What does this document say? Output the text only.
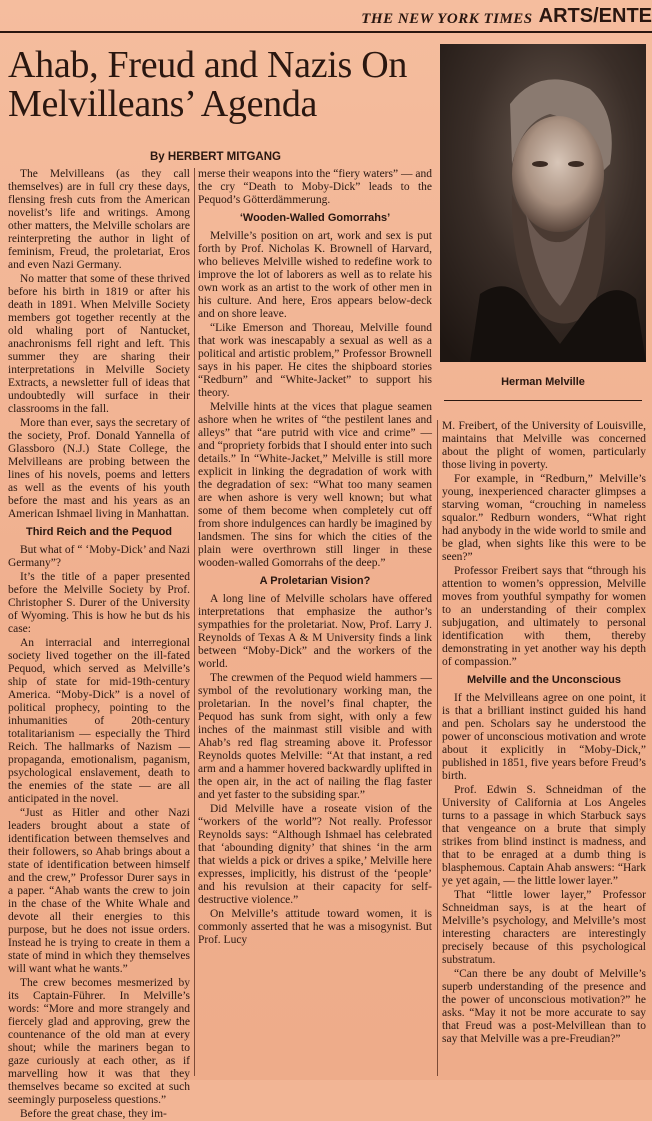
THE NEW YORK TIMES ARTS/ENTE
Ahab, Freud and Nazis On Melvilleans’ Agenda

By HERBERT MITGANG

Herman Melville

The Melvilleans (as they call themselves) are in full cry these days, flensing fresh cuts from the American novelist’s life and writings. Among other matters, the Melville scholars are reinterpreting the author in light of feminism, Freud, the proletariat, Eros and even Nazi Germany.

No matter that some of these thrived before his birth in 1819 or after his death in 1891. When Melville Society members got together recently at the old whaling port of Nantucket, anachronisms fell right and left. This summer they are sharing their interpretations in Melville Society Extracts, a newsletter full of ideas that undoubtedly will surface in their classrooms in the fall.

More than ever, says the secretary of the society, Prof. Donald Yannella of Glassboro (N.J.) State College, the Melvilleans are probing between the lines of his novels, poems and letters as well as the events of his youth before the mast and his years as an American Ishmael living in Manhattan.

Third Reich and the Pequod

But what of “ ‘Moby-Dick’ and Nazi Germany”?

It’s the title of a paper presented before the Melville Society by Prof. Christopher S. Durer of the University of Wyoming. This is how he but ds his case:

An interracial and interregional society lived together on the ill-fated Pequod, which served as Melville’s ship of state for mid-19th-century America. “Moby-Dick” is a novel of political prophecy, pointing to the inhumanities of 20th-century totalitarianism — especially the Third Reich. The hallmarks of Nazism — propaganda, emotionalism, paganism, psychological enslavement, death to the enemies of the state — are all anticipated in the novel.

“Just as Hitler and other Nazi leaders brought about a state of identification between themselves and their followers, so Ahab brings about a state of identification between himself and the crew,” Professor Durer says in a paper. “Ahab wants the crew to join in the chase of the White Whale and devote all their energies to this purpose, but he does not issue orders. Instead he is trying to create in them a state of mind in which they themselves will want what he wants.”

The crew becomes mesmerized by its Captain-Führer. In Melville’s words: “More and more strangely and fiercely glad and approving, grew the countenance of the old man at every shout; while the mariners began to gaze curiously at each other, as if marvelling how it was that they themselves became so excited at such seemingly purposeless questions.”

Before the great chase, they im-

merse their weapons into the “fiery waters” — and the cry “Death to Moby-Dick” leads to the Pequod’s Götterdämmerung.

‘Wooden-Walled Gomorrahs’

Melville’s position on art, work and sex is put forth by Prof. Nicholas K. Brownell of Harvard, who believes Melville wished to redefine work to improve the lot of laborers as well as to relate his own work as an artist to the work of other men in his culture. And here, Eros appears below-deck and on shore leave.

“Like Emerson and Thoreau, Melville found that work was inescapably a sexual as well as a political and artistic problem,” Professor Brownell says in his paper. He cites the shipboard stories “Redburn” and “White-Jacket” to support his theory.

Melville hints at the vices that plague seamen ashore when he writes of “the pestilent lanes and alleys” that “are putrid with vice and crime” — and “propriety forbids that I should enter into such details.” In “White-Jacket,” Melville is still more explicit in linking the degradation of work with the degradation of sex: “What too many seamen are when ashore is very well known; but what some of them become when completely cut off from shore indulgences can hardly be imagined by landsmen. The sins for which the cities of the plain were overthrown still linger in these wooden-walled Gomorrahs of the deep.”

A Proletarian Vision?

A long line of Melville scholars have offered interpretations that emphasize the author’s sympathies for the proletariat. Now, Prof. Larry J. Reynolds of Texas A & M University finds a link between “Moby-Dick” and the workers of the world.

The crewmen of the Pequod wield hammers — symbol of the revolutionary working man, the proletarian. In the novel’s final chapter, the Pequod has sunk from sight, with only a few inches of the mainmast still visible and with Ahab’s red flag streaming above it. Professor Reynolds quotes Melville: “At that instant, a red arm and a hammer hovered backwardly uplifted in the open air, in the act of nailing the flag faster and yet faster to the subsiding spar.”

Did Melville have a roseate vision of the “workers of the world”? Not really. Professor Reynolds says: “Although Ishmael has celebrated that ‘abounding dignity’ that shines ‘in the arm that wields a pick or drives a spike,’ Melville here expresses, implicitly, his distrust of the ‘people’ and his revulsion at their capacity for self-destructive violence.”

On Melville’s attitude toward women, it is commonly asserted that he was a misogynist. But Prof. Lucy

M. Freibert, of the University of Louisville, maintains that Melville was concerned about the plight of women, particularly those living in poverty.

For example, in “Redburn,” Melville’s young, inexperienced character glimpses a starving woman, “crouching in nameless squalor.” Redburn wonders, “What right had anybody in the wide world to smile and be glad, when sights like this were to be seen?”

Professor Freibert says that “through his attention to women’s oppression, Melville moves from youthful sympathy for women to an understanding of their complex subjugation, and ultimately to personal identification with them, thereby demonstrating in yet another way his depth of compassion.”

Melville and the Unconscious

If the Melvilleans agree on one point, it is that a brilliant instinct guided his hand and pen. Scholars say he understood the power of unconscious motivation and wrote about it explicitly in “Moby-Dick,” published in 1851, five years before Freud’s birth.

Prof. Edwin S. Schneidman of the University of California at Los Angeles turns to a passage in which Starbuck says that vengeance on a brute that simply strikes from blind instinct is madness, and that to be enraged at a dumb thing is blasphemous. Captain Ahab answers: “Hark ye yet again, — the little lower layer.”

That “little lower layer,” Professor Schneidman says, is at the heart of Melville’s psychology, and Melville’s most interesting characters are interestingly precisely because of this psychological substratum.

“Can there be any doubt of Melville’s superb understanding of the presence and the power of unconscious motivation?” he asks. “May it not be more accurate to say that Freud was a post-Melvillean than to say that Melville was a pre-Freudian?”
